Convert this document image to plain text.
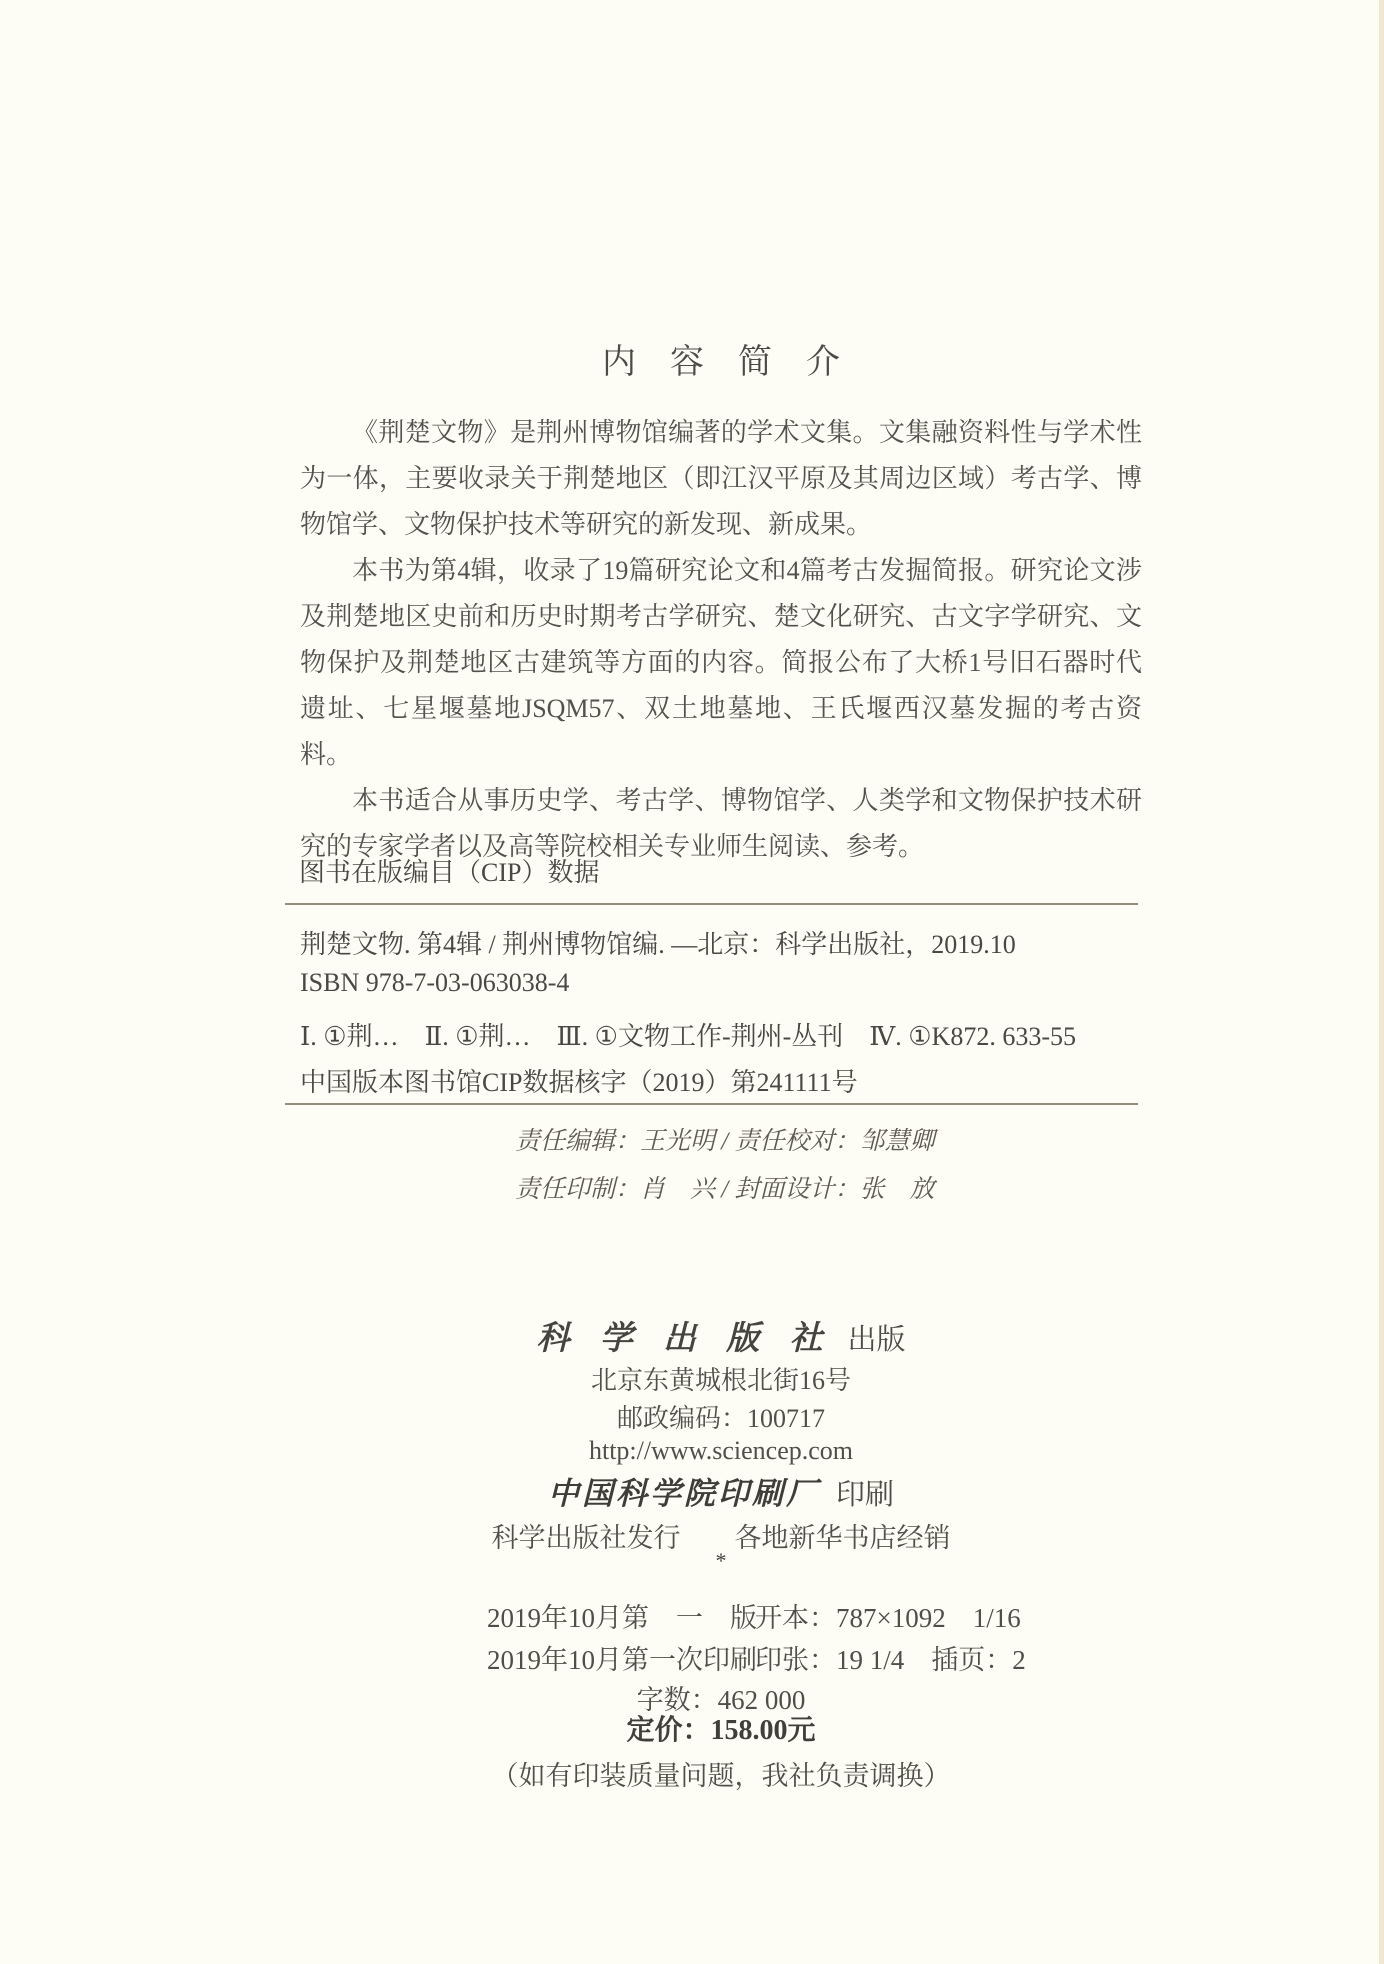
内　容　简　介

《荆楚文物》是荆州博物馆编著的学术文集。文集融资料性与学术性为一体，主要收录关于荆楚地区（即江汉平原及其周边区域）考古学、博物馆学、文物保护技术等研究的新发现、新成果。

本书为第4辑，收录了19篇研究论文和4篇考古发掘简报。研究论文涉及荆楚地区史前和历史时期考古学研究、楚文化研究、古文字学研究、文物保护及荆楚地区古建筑等方面的内容。简报公布了大桥1号旧石器时代遗址、七星堰墓地JSQM57、双土地墓地、王氏堰西汉墓发掘的考古资料。

本书适合从事历史学、考古学、博物馆学、人类学和文物保护技术研究的专家学者以及高等院校相关专业师生阅读、参考。

图书在版编目（CIP）数据
荆楚文物. 第4辑 / 荆州博物馆编. —北京：科学出版社，2019.10
ISBN 978-7-03-063038-4
Ⅰ. ①荆…　Ⅱ. ①荆…　Ⅲ. ①文物工作-荆州-丛刊　Ⅳ. ①K872. 633-55
中国版本图书馆CIP数据核字（2019）第241111号
责任编辑：王光明 / 责任校对：邹慧卿
责任印制：肖　兴 / 封面设计：张　放
科 学 出 版 社 出版
北京东黄城根北街16号
邮政编码：100717
http://www.sciencep.com
中国科学院印刷厂 印刷
科学出版社发行　　各地新华书店经销
*
2019年10月第　一　版
开本：787×1092　1/16
2019年10月第一次印刷
印张：19 1/4　插页：2
字数：462 000
定价：158.00元
（如有印装质量问题，我社负责调换）
